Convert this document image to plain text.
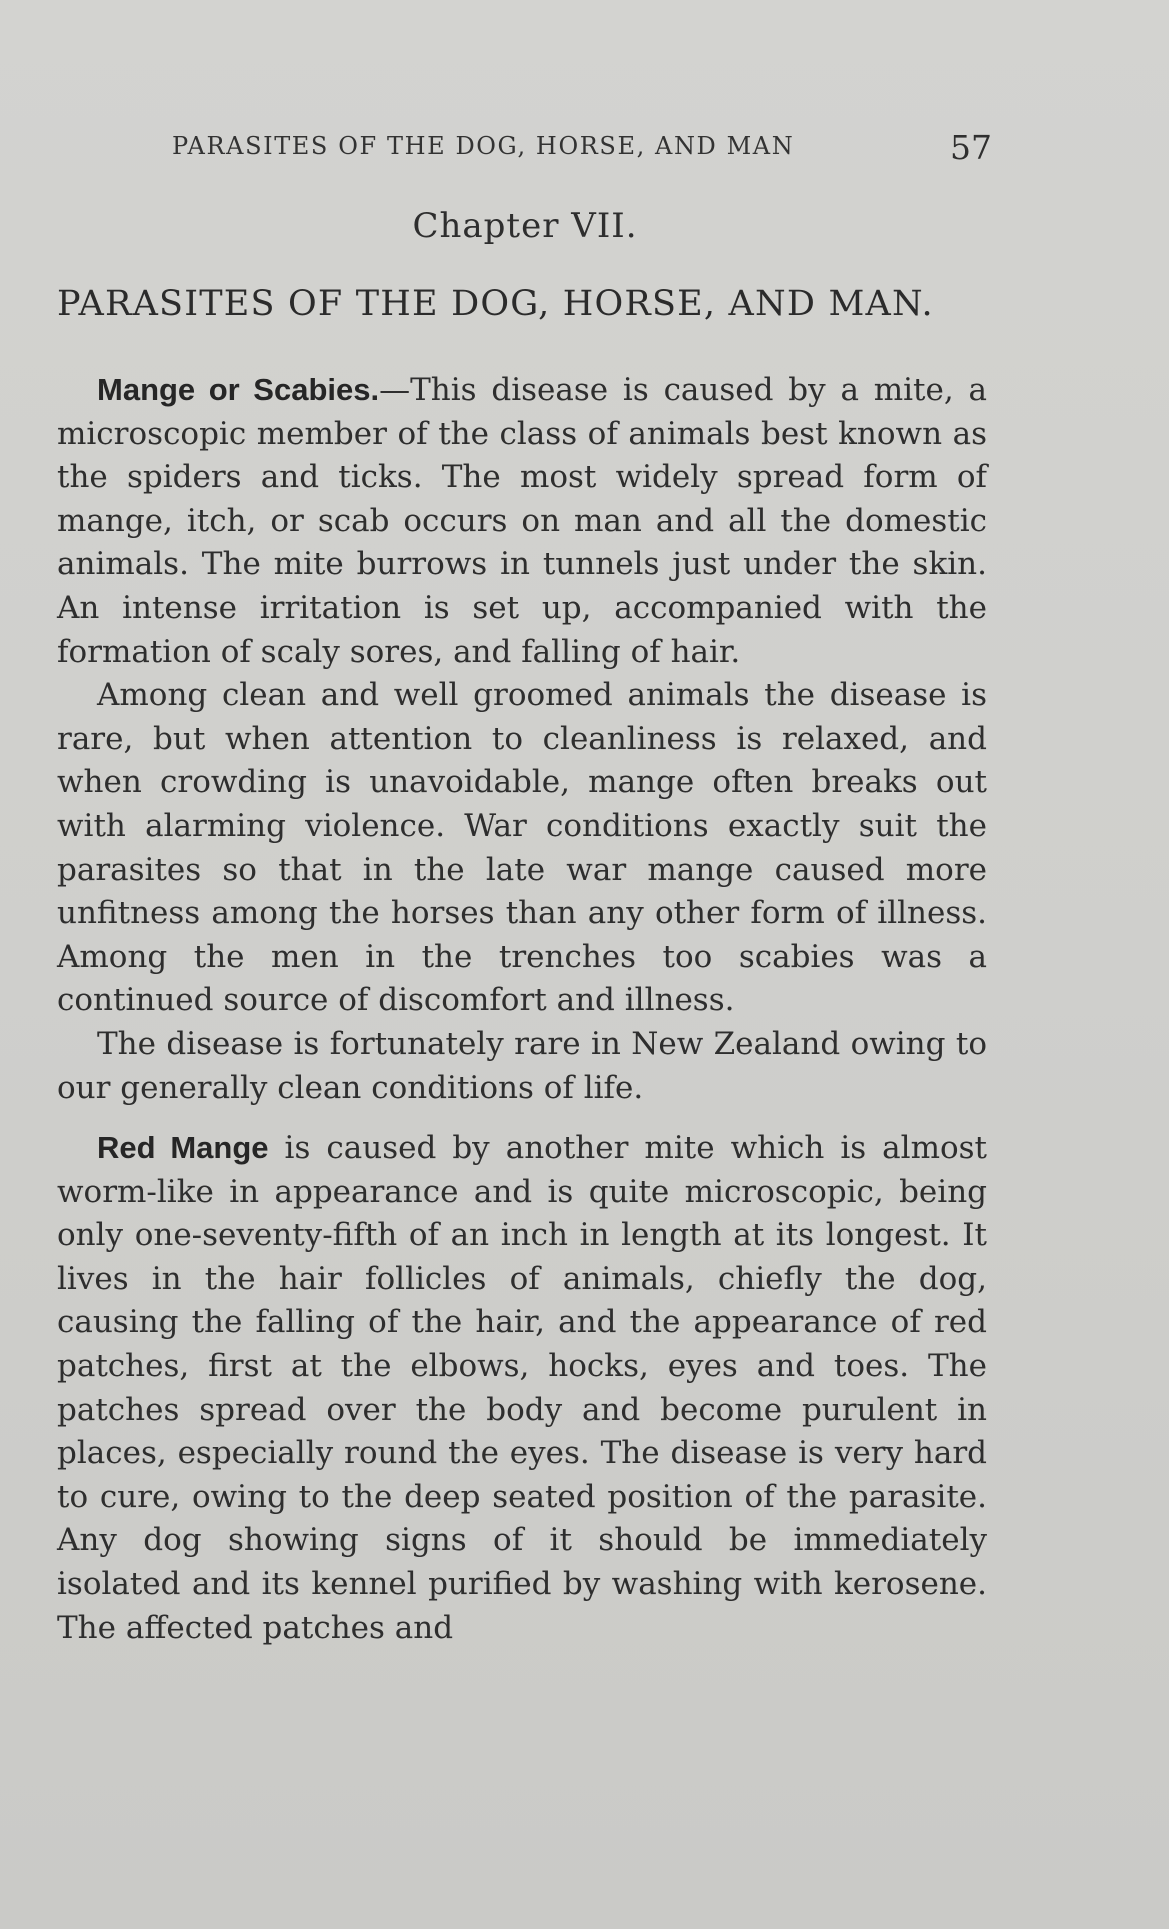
PARASITES OF THE DOG, HORSE, AND MAN	57
Chapter VII.
PARASITES OF THE DOG, HORSE, AND MAN.

Mange or Scabies.—This disease is caused by a mite, a microscopic member of the class of animals best known as the spiders and ticks. The most widely spread form of mange, itch, or scab occurs on man and all the domestic animals. The mite burrows in tunnels just under the skin. An intense irritation is set up, accompanied with the formation of scaly sores, and falling of hair.

Among clean and well groomed animals the disease is rare, but when attention to cleanliness is relaxed, and when crowding is unavoidable, mange often breaks out with alarming violence. War conditions exactly suit the parasites so that in the late war mange caused more unfitness among the horses than any other form of illness. Among the men in the trenches too scabies was a continued source of discomfort and illness.

The disease is fortunately rare in New Zealand owing to our generally clean conditions of life.

Red Mange is caused by another mite which is almost worm-like in appearance and is quite microscopic, being only one-seventy-fifth of an inch in length at its longest. It lives in the hair follicles of animals, chiefly the dog, causing the falling of the hair, and the appearance of red patches, first at the elbows, hocks, eyes and toes. The patches spread over the body and become purulent in places, especially round the eyes. The disease is very hard to cure, owing to the deep seated position of the parasite. Any dog showing signs of it should be immediately isolated and its kennel purified by washing with kerosene. The affected patches and
